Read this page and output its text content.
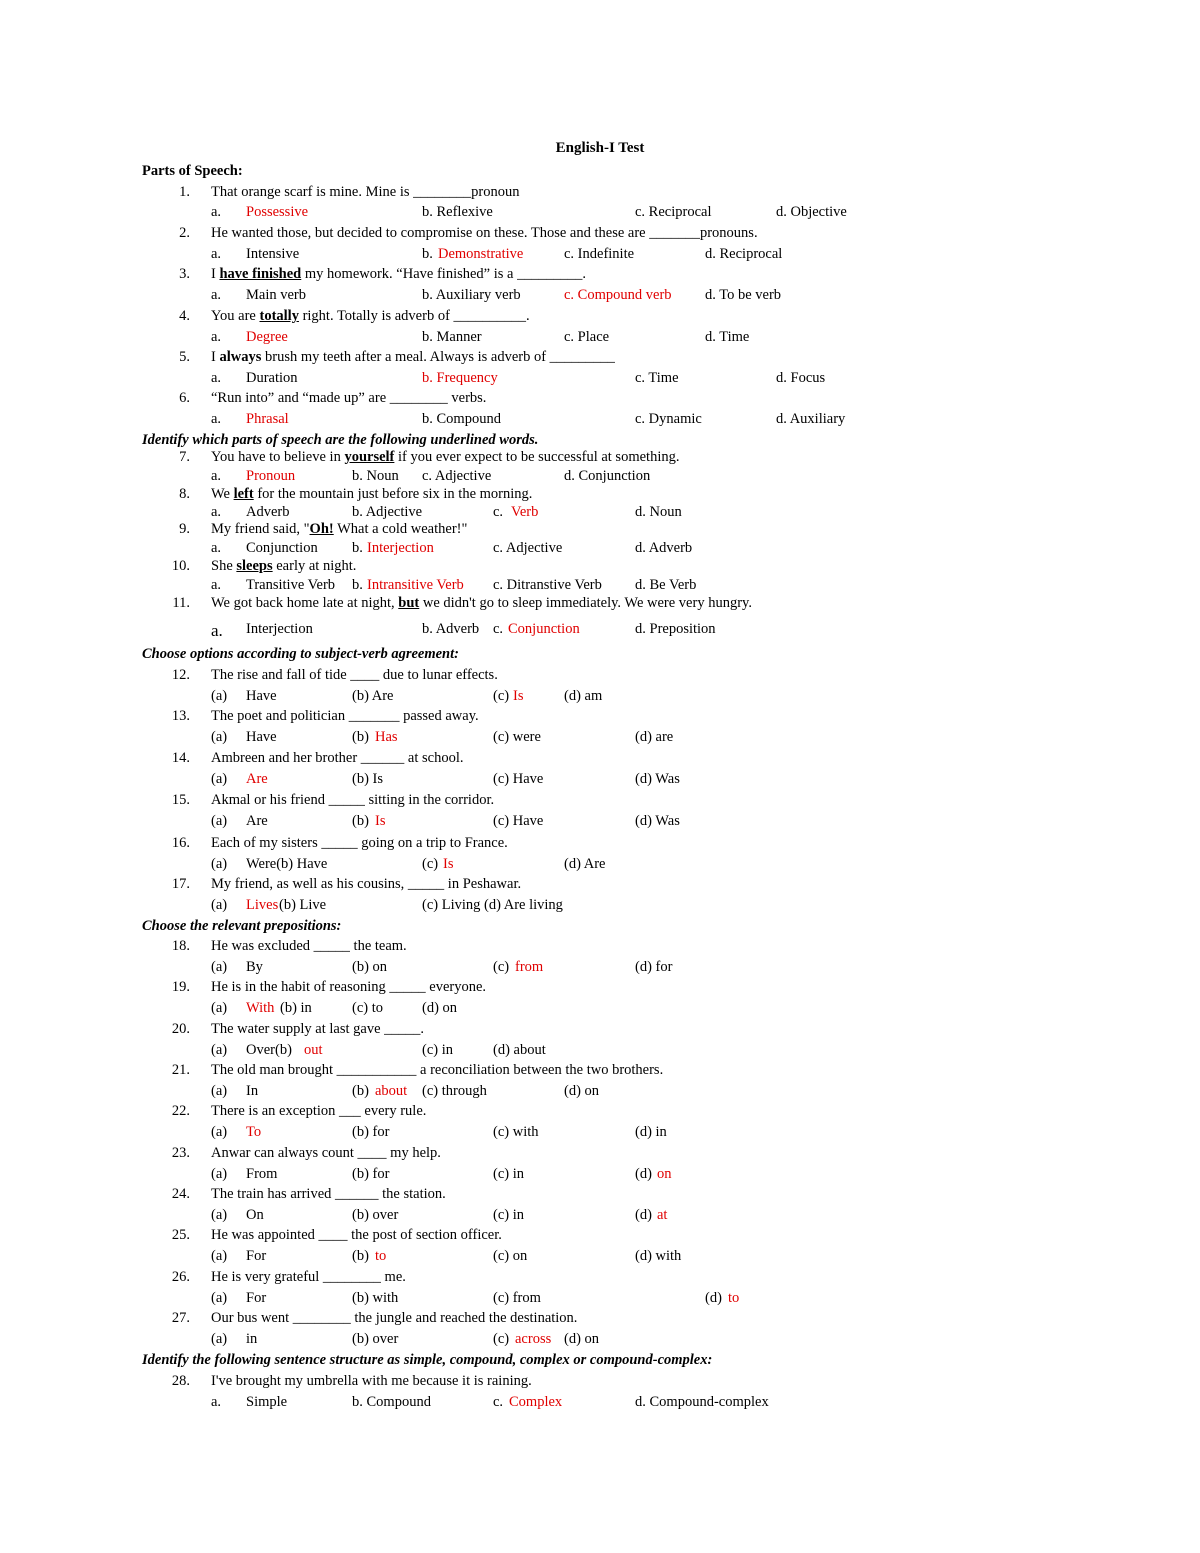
English-I Test
Parts of Speech:
Identify which parts of speech are the following underlined words.
Choose options according to subject-verb agreement:
Choose the relevant prepositions:
Identify the following sentence structure as simple, compound, complex or compound-complex:
1. That orange scarf is mine. Mine is ________pronoun
a. Possessive	b. Reflexive	c. Reciprocal	d. Objective
2. He wanted those, but decided to compromise on these. Those and these are _______pronouns.
a. Intensive	b. Demonstrative	c. Indefinite	d. Reciprocal
3. I have finished my homework. “Have finished” is a _________.
a. Main verb	b. Auxiliary verb	c. Compound verb d. To be verb
4. You are totally right. Totally is adverb of __________.
a. Degree	b. Manner	c. Place	d. Time
5. I always brush my teeth after a meal. Always is adverb of _________
a. Duration	b. Frequency	c. Time	d. Focus
6. “Run into” and “made up” are ________ verbs.
a. Phrasal	b. Compound	c. Dynamic	d. Auxiliary
7. You have to believe in yourself if you ever expect to be successful at something.
a. Pronoun	b. Noun c. Adjective	d. Conjunction
8. We left for the mountain just before six in the morning.
a. Adverb	b. Adjective	c. Verb	d. Noun
9. My friend said, "Oh! What a cold weather!"
a. Conjunction b. Interjection	c. Adjective	d. Adverb
10. She sleeps early at night.
a. Transitive Verb b. Intransitive Verb c. Ditranstive Verb d. Be Verb
11. We got back home late at night, but we didn't go to sleep immediately. We were very hungry.
a. Interjection	b. Adverb c. Conjunction	d. Preposition
12. The rise and fall of tide ____ due to lunar effects.
(a) Have	(b) Are	(c) Is	(d) am
13. The poet and politician _______ passed away.
(a) Have	(b) Has	(c) were	(d) are
14. Ambreen and her brother ______ at school.
(a) Are	(b) Is	(c) Have	(d) Was
15. Akmal or his friend _____ sitting in the corridor.
(a) Are	(b) Is	(c) Have	(d) Was
16. Each of my sisters _____ going on a trip to France.
(a) Were(b) Have	(c) Is	(d) Are
17. My friend, as well as his cousins, _____ in Peshawar.
(a) Lives (b) Live	(c) Living (d) Are living
18. He was excluded _____ the team.
(a) By	(b) on	(c) from	(d) for
19. He is in the habit of reasoning _____ everyone.
(a) With (b) in	(c) to	(d) on
20. The water supply at last gave _____.
(a) Over(b) out	(c) in	(d) about
21. The old man brought ___________ a reconciliation between the two brothers.
(a) In	(b) about (c) through	(d) on
22. There is an exception ___ every rule.
(a) To	(b) for	(c) with	(d) in
23. Anwar can always count ____ my help.
(a) From	(b) for	(c) in	(d) on
24. The train has arrived ______ the station.
(a) On	(b) over	(c) in	(d) at
25. He was appointed ____ the post of section officer.
(a) For	(b) to	(c) on	(d) with
26. He is very grateful ________ me.
(a) For	(b) with	(c) from	(d) to
27. Our bus went ________ the jungle and reached the destination.
(a) in	(b) over	(c) across (d) on
28. I've brought my umbrella with me because it is raining.
a. Simple	b. Compound	c. Complex	d. Compound-complex
